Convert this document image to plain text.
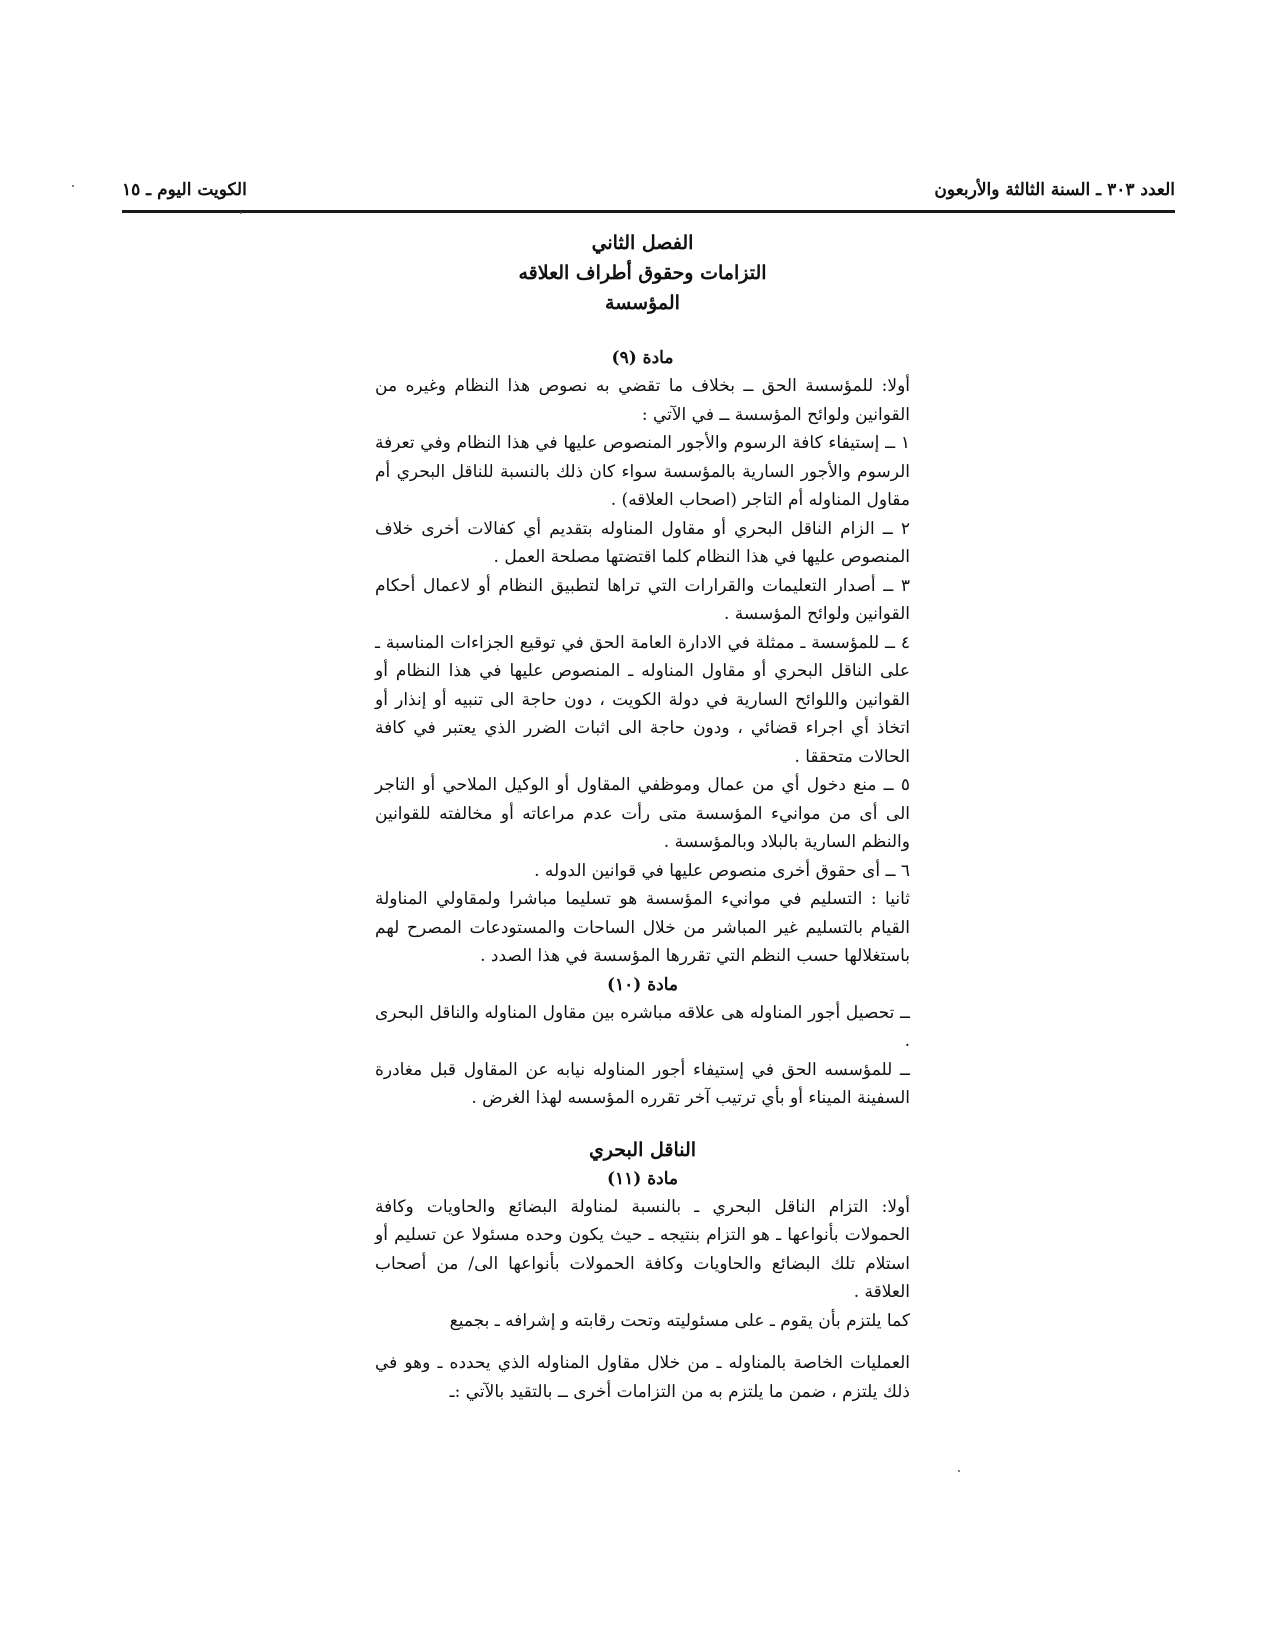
العدد ٣٠٣ ـ السنة الثالثة والأربعون
الكويت اليوم ـ ١٥
الفصل الثاني
التزامات وحقوق أطراف العلاقه
المؤسسة
مادة (٩)

أولا: للمؤسسة الحق ــ بخلاف ما تقضي به نصوص هذا النظام وغيره من القوانين ولوائح المؤسسة ــ في الآتي :

١ ــ إستيفاء كافة الرسوم والأجور المنصوص عليها في هذا النظام وفي تعرفة الرسوم والأجور السارية بالمؤسسة سواء كان ذلك بالنسبة للناقل البحري أم مقاول المناوله أم التاجر (اصحاب العلاقه) .

٢ ــ الزام الناقل البحري أو مقاول المناوله بتقديم أي كفالات أخرى خلاف المنصوص عليها في هذا النظام كلما اقتضتها مصلحة العمل .

٣ ــ أصدار التعليمات والقرارات التي تراها لتطبيق النظام أو لاعمال أحكام القوانين ولوائح المؤسسة .

٤ ــ للمؤسسة ـ ممثلة في الادارة العامة الحق في توقيع الجزاءات المناسبة ـ على الناقل البحري أو مقاول المناوله ـ المنصوص عليها في هذا النظام أو القوانين واللوائح السارية في دولة الكويت ، دون حاجة الى تنبيه أو إنذار أو اتخاذ أي اجراء قضائي ، ودون حاجة الى اثبات الضرر الذي يعتبر في كافة الحالات متحققا .

٥ ــ منع دخول أي من عمال وموظفي المقاول أو الوكيل الملاحي أو التاجر الى أى من موانيء المؤسسة متى رأت عدم مراعاته أو مخالفته للقوانين والنظم السارية بالبلاد وبالمؤسسة .

٦ ــ أى حقوق أخرى منصوص عليها في قوانين الدوله .

ثانيا : التسليم في موانيء المؤسسة هو تسليما مباشرا ولمقاولي المناولة القيام بالتسليم غير المباشر من خلال الساحات والمستودعات المصرح لهم باستغلالها حسب النظم التي تقررها المؤسسة في هذا الصدد .

مادة (١٠)

ــ تحصيل أجور المناوله هى علاقه مباشره بين مقاول المناوله والناقل البحرى .

ــ للمؤسسه الحق في إستيفاء أجور المناوله نيابه عن المقاول قبل مغادرة السفينة الميناء أو بأي ترتيب آخر تقرره المؤسسه لهذا الغرض .

الناقل البحري
مادة (١١)

أولا: التزام الناقل البحري ـ بالنسبة لمناولة البضائع والحاويات وكافة الحمولات بأنواعها ـ هو التزام بنتيجه ـ حيث يكون وحده مسئولا عن تسليم أو استلام تلك البضائع والحاويات وكافة الحمولات بأنواعها الى/ من أصحاب العلاقة .

كما يلتزم بأن يقوم ـ على مسئوليته وتحت رقابته و إشرافه ـ بجميع

العمليات الخاصة بالمناوله ـ من خلال مقاول المناوله الذي يحدده ـ وهو في ذلك يلتزم ، ضمن ما يلتزم به من التزامات أخرى ــ بالتقيد بالآتي :ـ
